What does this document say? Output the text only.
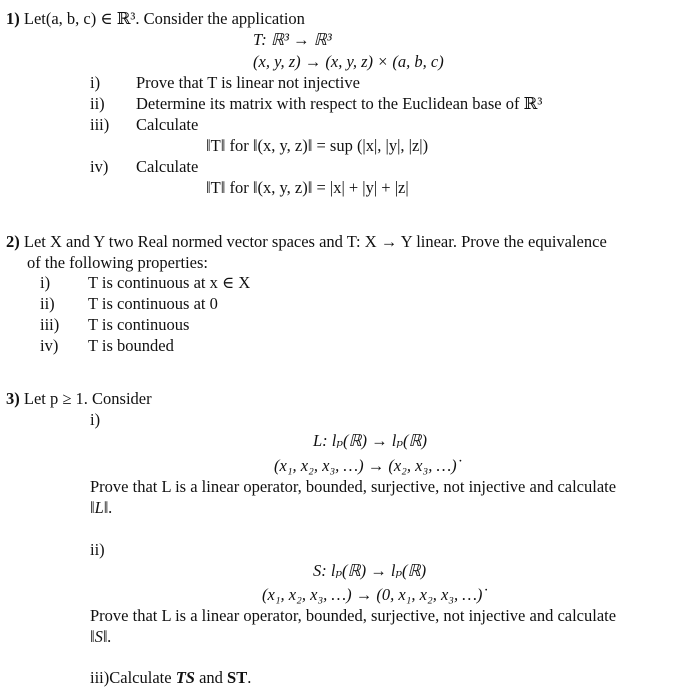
1) Let(a, b, c) ∈ ℝ³. Consider the application
T: ℝ³ → ℝ³
(x, y, z) → (x, y, z) × (a, b, c)
i) Prove that T is linear not injective
ii) Determine its matrix with respect to the Euclidean base of ℝ³
iii) Calculate
‖T‖ for ‖(x, y, z)‖ = sup (|x|, |y|, |z|)
iv) Calculate
‖T‖ for ‖(x, y, z)‖ = |x| + |y| + |z|
2) Let X and Y two Real normed vector spaces and T: X → Y linear. Prove the equivalence
of the following properties:
i) T is continuous at x ∈ X
ii) T is continuous at 0
iii) T is continuous
iv) T is bounded
3) Let p ≥ 1. Consider
i)
L: lₚ(ℝ) → lₚ(ℝ)
(x₁, x₂, x₃, …) → (x₂, x₃, …)˙
Prove that L is a linear operator, bounded, surjective, not injective and calculate
‖L‖.
ii)
S: lₚ(ℝ) → lₚ(ℝ)
(x₁, x₂, x₃, …) → (0, x₁, x₂, x₃, …)˙
Prove that L is a linear operator, bounded, surjective, not injective and calculate
‖S‖.
iii)Calculate TS and ST.
